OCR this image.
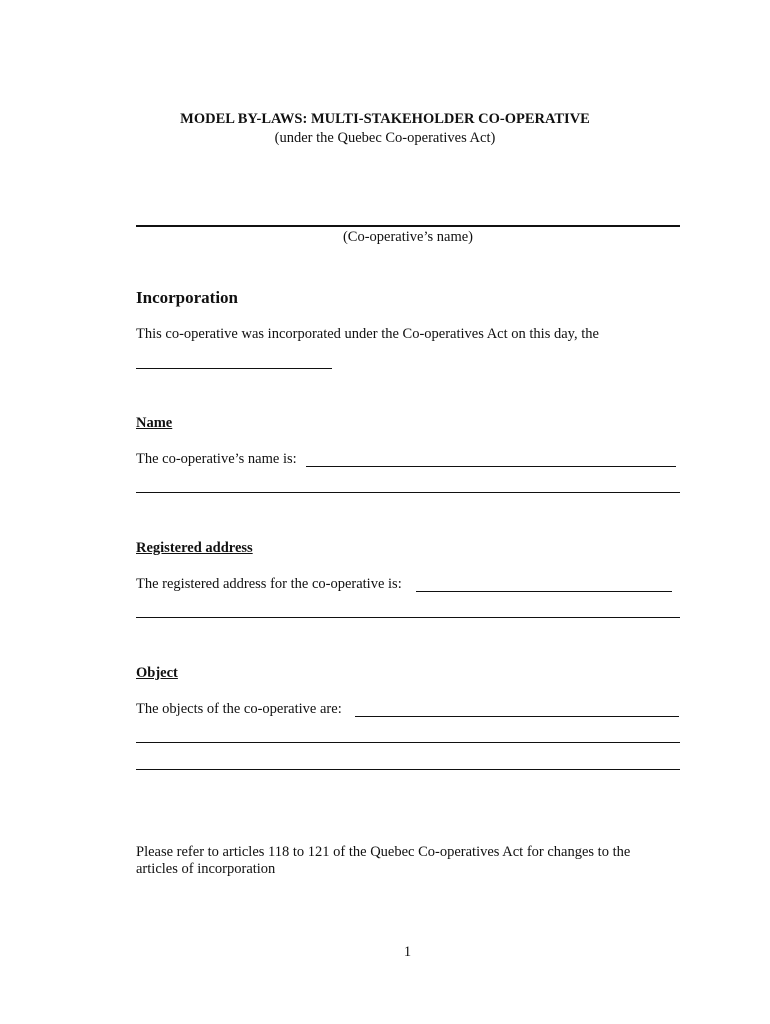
MODEL BY-LAWS: MULTI-STAKEHOLDER CO-OPERATIVE
(under the Quebec Co-operatives Act)
(Co-operative’s name)
Incorporation
This co-operative was incorporated under the Co-operatives Act on this day, the
Name
The co-operative’s name is:
Registered address
The registered address for the co-operative is:
Object
The objects of the co-operative are:
Please refer to articles 118 to 121 of the Quebec Co-operatives Act for changes to the
articles of incorporation
1
